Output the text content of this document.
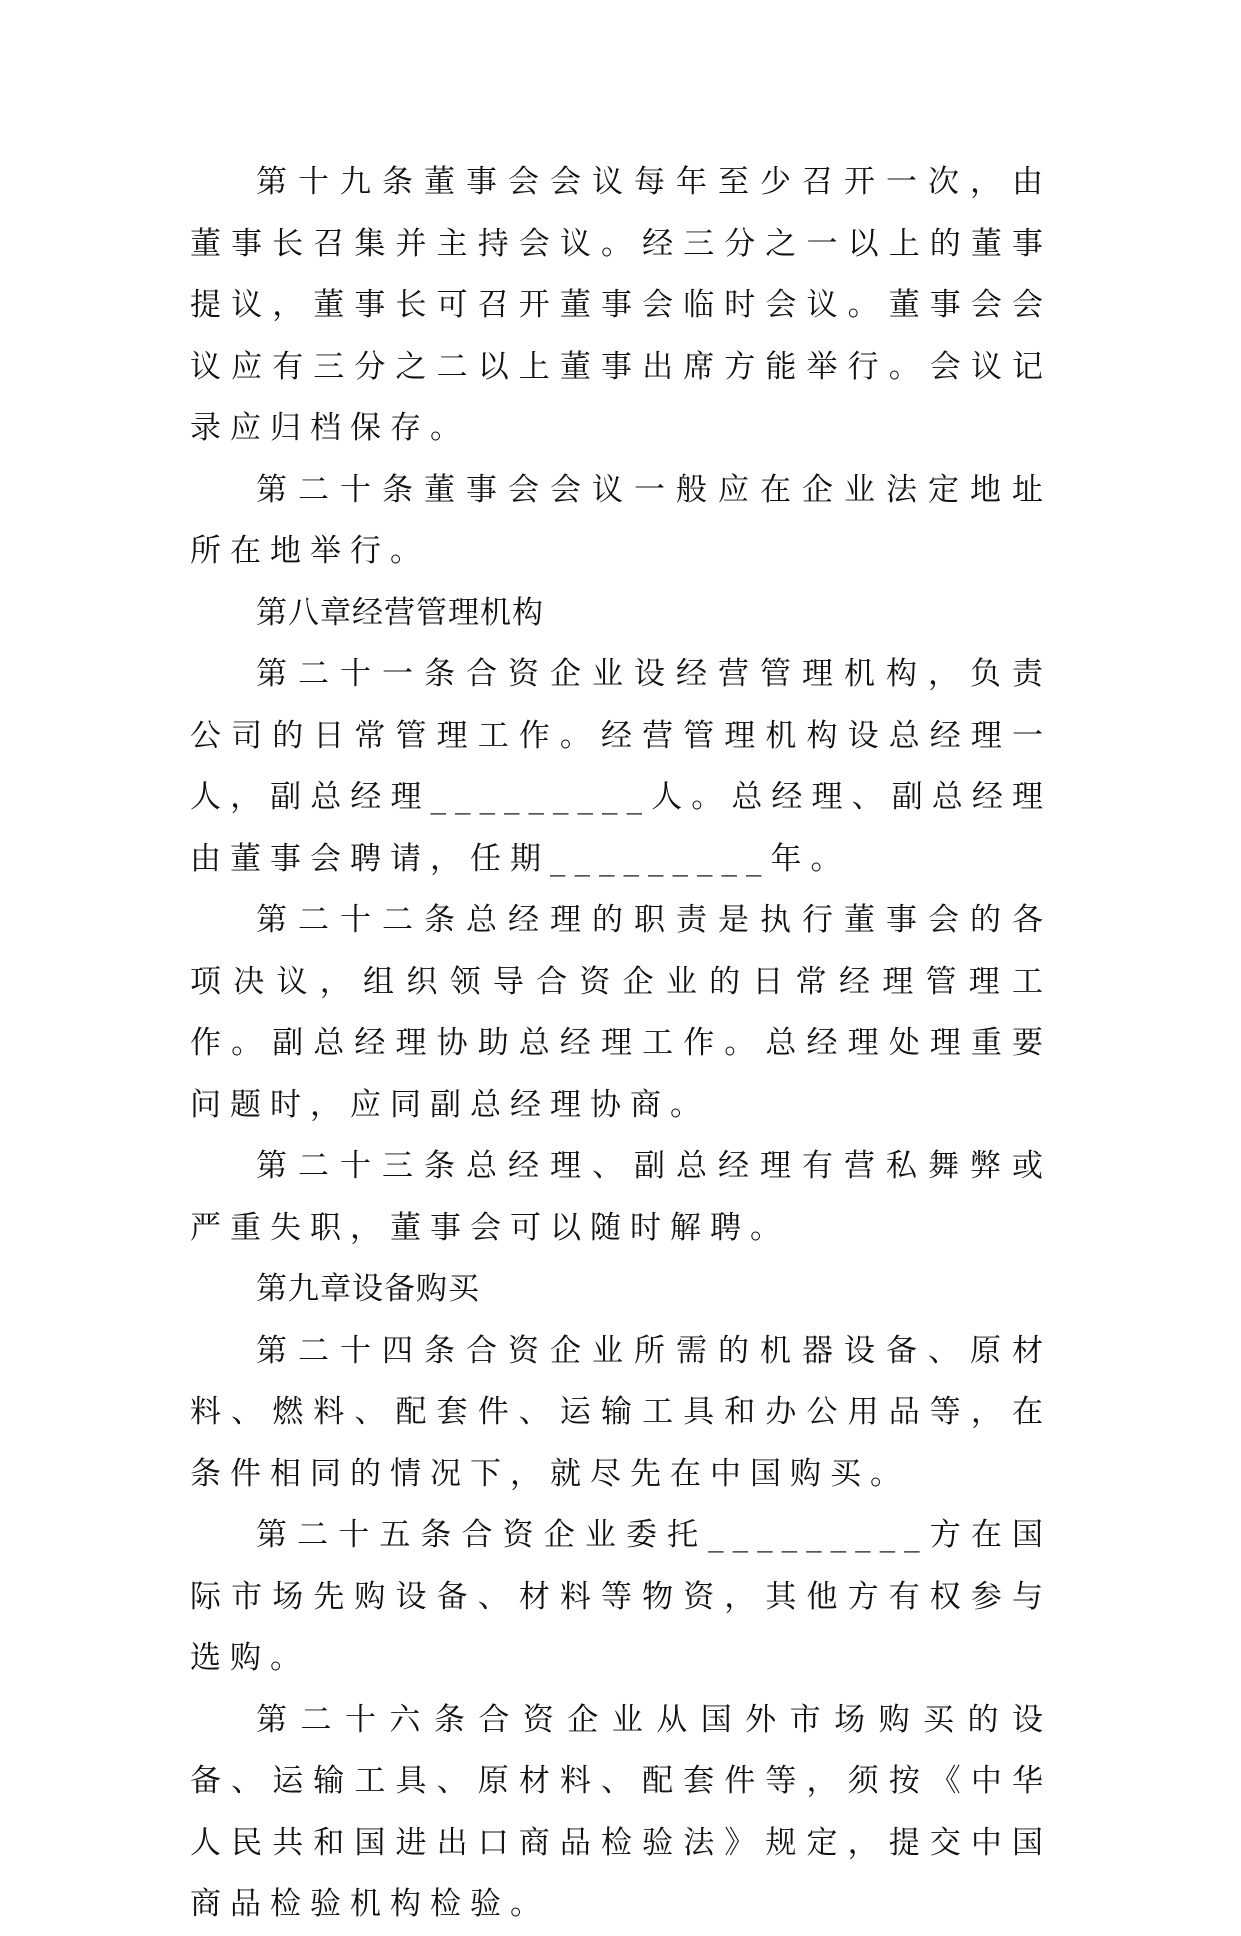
第十九条董事会会议每年至少召开一次，由董事长召集并主持会议。经三分之一以上的董事提议，董事长可召开董事会临时会议。董事会会议应有三分之二以上董事出席方能举行。会议记录应归档保存。

第二十条董事会会议一般应在企业法定地址所在地举行。

第八章经营管理机构

第二十一条合资企业设经营管理机构，负责公司的日常管理工作。经营管理机构设总经理一人，副总经理_________人。总经理、副总经理由董事会聘请，任期_________年。

第二十二条总经理的职责是执行董事会的各项决议，组织领导合资企业的日常经理管理工作。副总经理协助总经理工作。总经理处理重要问题时，应同副总经理协商。

第二十三条总经理、副总经理有营私舞弊或严重失职，董事会可以随时解聘。

第九章设备购买

第二十四条合资企业所需的机器设备、原材料、燃料、配套件、运输工具和办公用品等，在条件相同的情况下，就尽先在中国购买。

第二十五条合资企业委托_________方在国际市场先购设备、材料等物资，其他方有权参与选购。

第二十六条合资企业从国外市场购买的设备、运输工具、原材料、配套件等，须按《中华人民共和国进出口商品检验法》规定，提交中国商品检验机构检验。
